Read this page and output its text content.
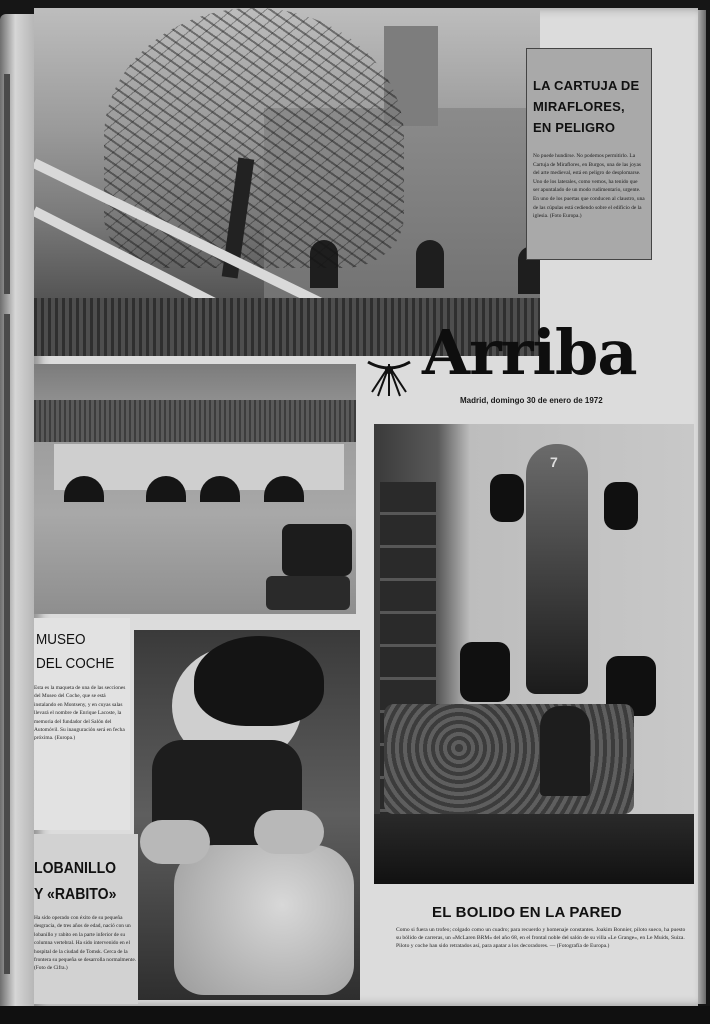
LA CARTUJA DE
MIRAFLORES,
EN PELIGRO

No puede hundirse. No podemos permitirlo. La Cartuja de Miraflores, en Burgos, una de las joyas del arte medieval, está en peligro de desplomarse. Uno de los laterales, como vemos, ha tenido que ser apuntalado de un modo rudimentario, urgente. En uno de los puertas que conducen al claustro, una de las cúpulas está cediendo sobre el edificio de la iglesia. (Foto Europa.)

Arriba
Madrid, domingo 30 de enero de 1972
7
MUSEO
DEL COCHE

Esta es la maqueta de una de las secciones del Museo del Coche, que se está instalando en Montseny, y en cuyas salas llevará el nombre de Enrique Lacoste, la memoria del fundador del Salón del Automóvil. Su inauguración será en fecha próxima. (Europa.)

LOBANILLO
Y «RABITO»

Ha sido operado con éxito de su pequeña desgracia, de tres años de edad, nació con un lobanillo y rabito en la parte inferior de su columna vertebral. Ha sido intervenido en el hospital de la ciudad de Tomsk. Cerca de la frontera su pequeña se desarrolla normalmente. (Foto de Cifra.)

EL BOLIDO EN LA PARED

Como si fuera un trofeo; colgado como un cuadro; para recuerdo y homenaje constantes. Joakim Bonnier, piloto sueco, ha puesto su bólido de carreras, un «McLaren BRM» del año 68, en el frontal noble del salón de su villa «Le Grange», en Le Muids, Suiza. Piloto y coche han sido retratados así, para apatar a los decoradores. — (Fotografía de Europa.)
